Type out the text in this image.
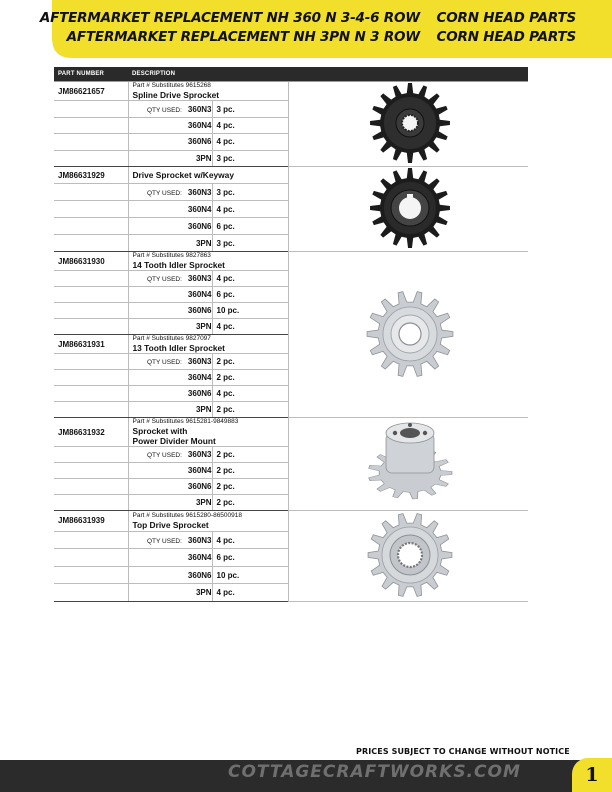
AFTERMARKET REPLACEMENT NH 360 N 3-4-6 ROW » CORN HEAD PARTS
AFTERMARKET REPLACEMENT NH 3PN N 3 ROW » CORN HEAD PARTS
PART NUMBER	DESCRIPTION		
JM86621657	Part # Substitutes 9615268
Spline Drive Sprocket

	QTY USED: 360N3	3 pc.	
	360N4	4 pc.	
	360N6	4 pc.	
	3PN	3 pc.	
JM86631929	Drive Sprocket w/Keyway

	QTY USED: 360N3	3 pc.	
	360N4	4 pc.	
	360N6	6 pc.	
	3PN	3 pc.	
JM86631930	Part # Substitutes 9827863
14 Tooth Idler Sprocket

	QTY USED: 360N3	4 pc.	
	360N4	6 pc.	
	360N6	10 pc.	
	3PN	4 pc.	
JM86631931	Part # Substitutes 9827097
13 Tooth Idler Sprocket		

	QTY USED: 360N3	2 pc.	
	360N4	2 pc.	
	360N6	4 pc.	
	3PN	2 pc.	
JM86631932	Part # Substitutes 9615281-9849883
Sprocket with
Power Divider Mount

	QTY USED: 360N3	2 pc.	
	360N4	2 pc.	
	360N6	2 pc.	
	3PN	2 pc.	
JM86631939	Part # Substitutes 9615280-86500918
Top Drive Sprocket

	QTY USED: 360N3	4 pc.	
	360N4	6 pc.	
	360N6	10 pc.	
	3PN	4 pc.	
PRICES SUBJECT TO CHANGE WITHOUT NOTICE
COTTAGECRAFTWORKS.COM	1
